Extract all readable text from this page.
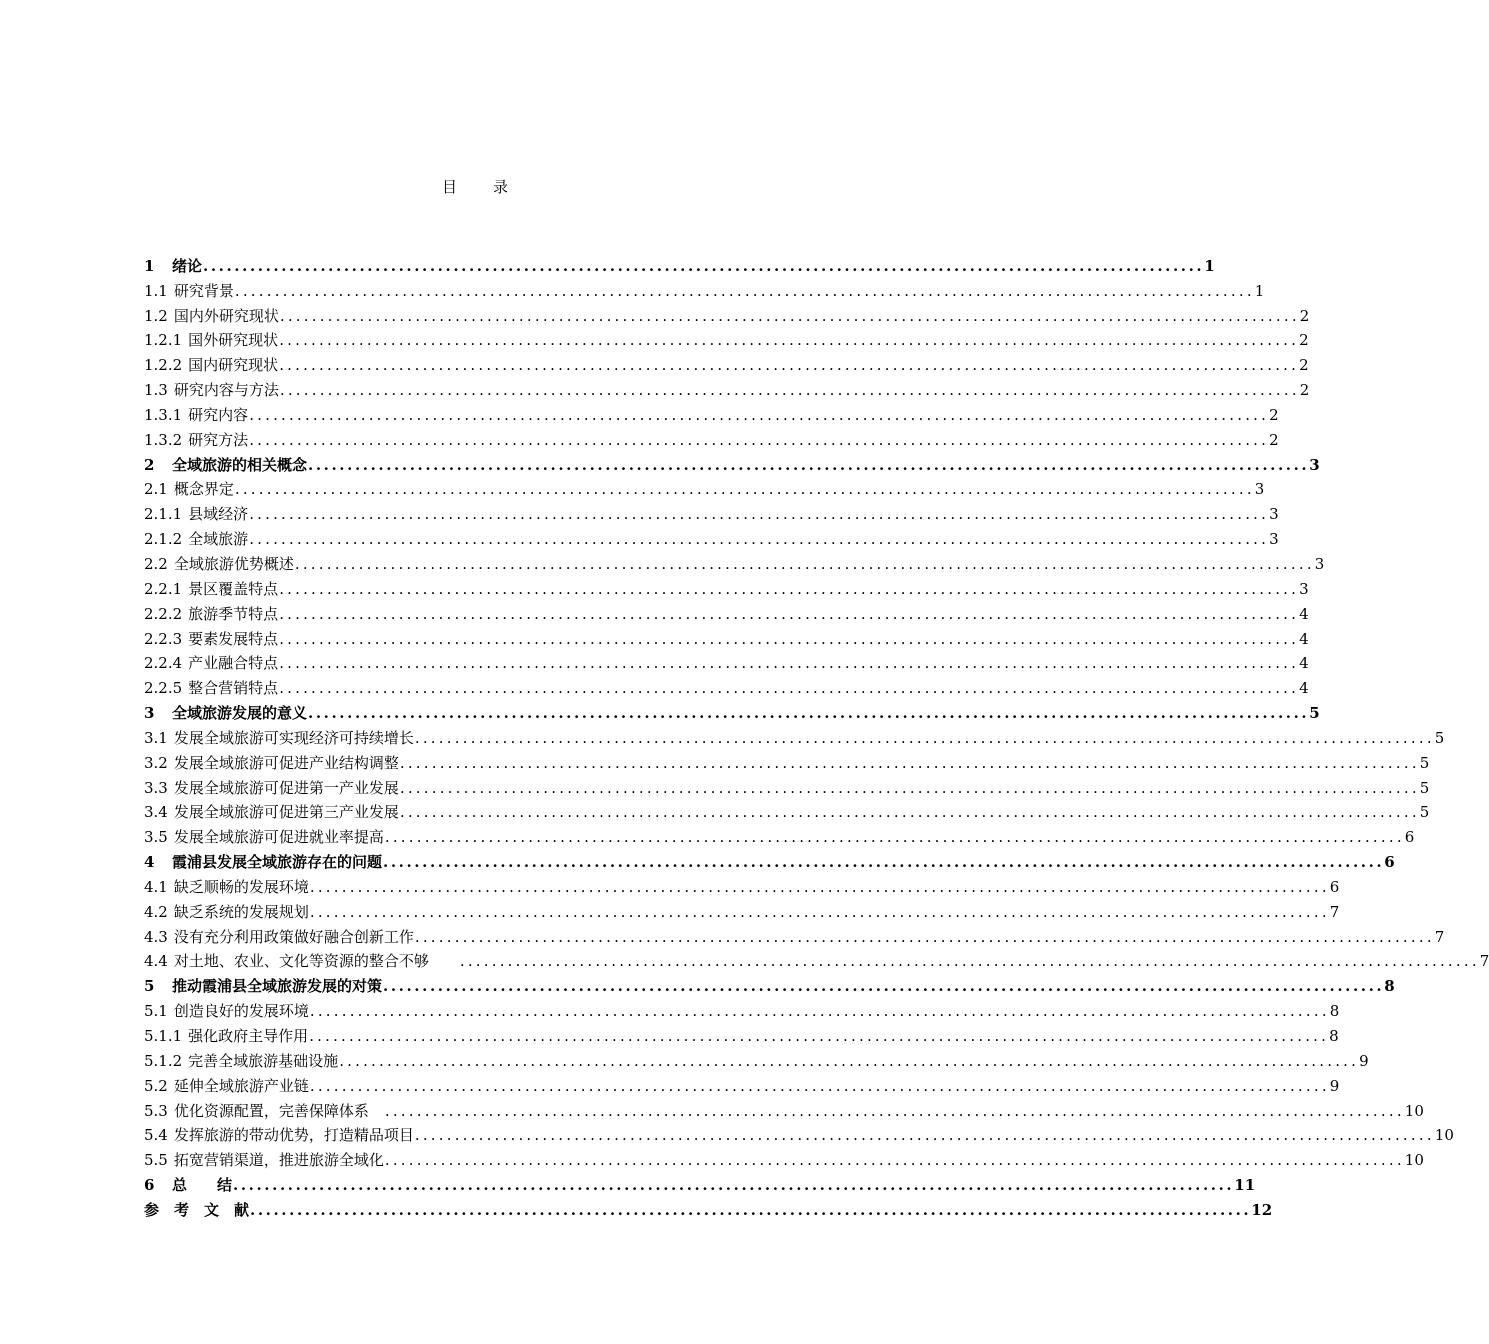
目 录
1	绪论 ................................................................................................................................ 1
1.1 研究背景 ................................................................................................................................ 1
1.2 国内外研究现状 ................................................................................................................................ 2
1.2.1 国外研究现状 ................................................................................................................................ 2
1.2.2 国内研究现状 ................................................................................................................................ 2
1.3 研究内容与方法 ................................................................................................................................ 2
1.3.1 研究内容 ................................................................................................................................ 2
1.3.2 研究方法 ................................................................................................................................ 2
2	全域旅游的相关概念 ................................................................................................................................ 3
2.1 概念界定 ................................................................................................................................ 3
2.1.1 县域经济 ................................................................................................................................ 3
2.1.2 全域旅游 ................................................................................................................................ 3
2.2 全域旅游优势概述 ................................................................................................................................ 3
2.2.1 景区覆盖特点 ................................................................................................................................ 3
2.2.2 旅游季节特点 ................................................................................................................................ 4
2.2.3 要素发展特点 ................................................................................................................................ 4
2.2.4 产业融合特点 ................................................................................................................................ 4
2.2.5 整合营销特点 ................................................................................................................................ 4
3	全域旅游发展的意义 ................................................................................................................................ 5
3.1 发展全域旅游可实现经济可持续增长 ................................................................................................................................ 5
3.2 发展全域旅游可促进产业结构调整 ................................................................................................................................ 5
3.3 发展全域旅游可促进第一产业发展 ................................................................................................................................ 5
3.4 发展全域旅游可促进第三产业发展 ................................................................................................................................ 5
3.5 发展全域旅游可促进就业率提高 ................................................................................................................................ 6
4	霞浦县发展全域旅游存在的问题 ................................................................................................................................ 6
4.1 缺乏顺畅的发展环境 ................................................................................................................................ 6
4.2 缺乏系统的发展规划 ................................................................................................................................ 7
4.3 没有充分利用政策做好融合创新工作 ................................................................................................................................ 7
4.4 对土地、农业、文化等资源的整合不够　　 ................................................................................................................................ 7
5	推动霞浦县全域旅游发展的对策 ................................................................................................................................ 8
5.1 创造良好的发展环境 ................................................................................................................................ 8
5.1.1 强化政府主导作用 ................................................................................................................................ 8
5.1.2 完善全域旅游基础设施 ................................................................................................................................ 9
5.2 延伸全域旅游产业链 ................................................................................................................................ 9
5.3 优化资源配置，完善保障体系　 ................................................................................................................................ 10
5.4 发挥旅游的带动优势，打造精品项目 ................................................................................................................................ 10
5.5 拓宽营销渠道，推进旅游全域化 ................................................................................................................................ 10
6	总　　结 ................................................................................................................................ 11
参　考　文　献 ................................................................................................................................ 12
